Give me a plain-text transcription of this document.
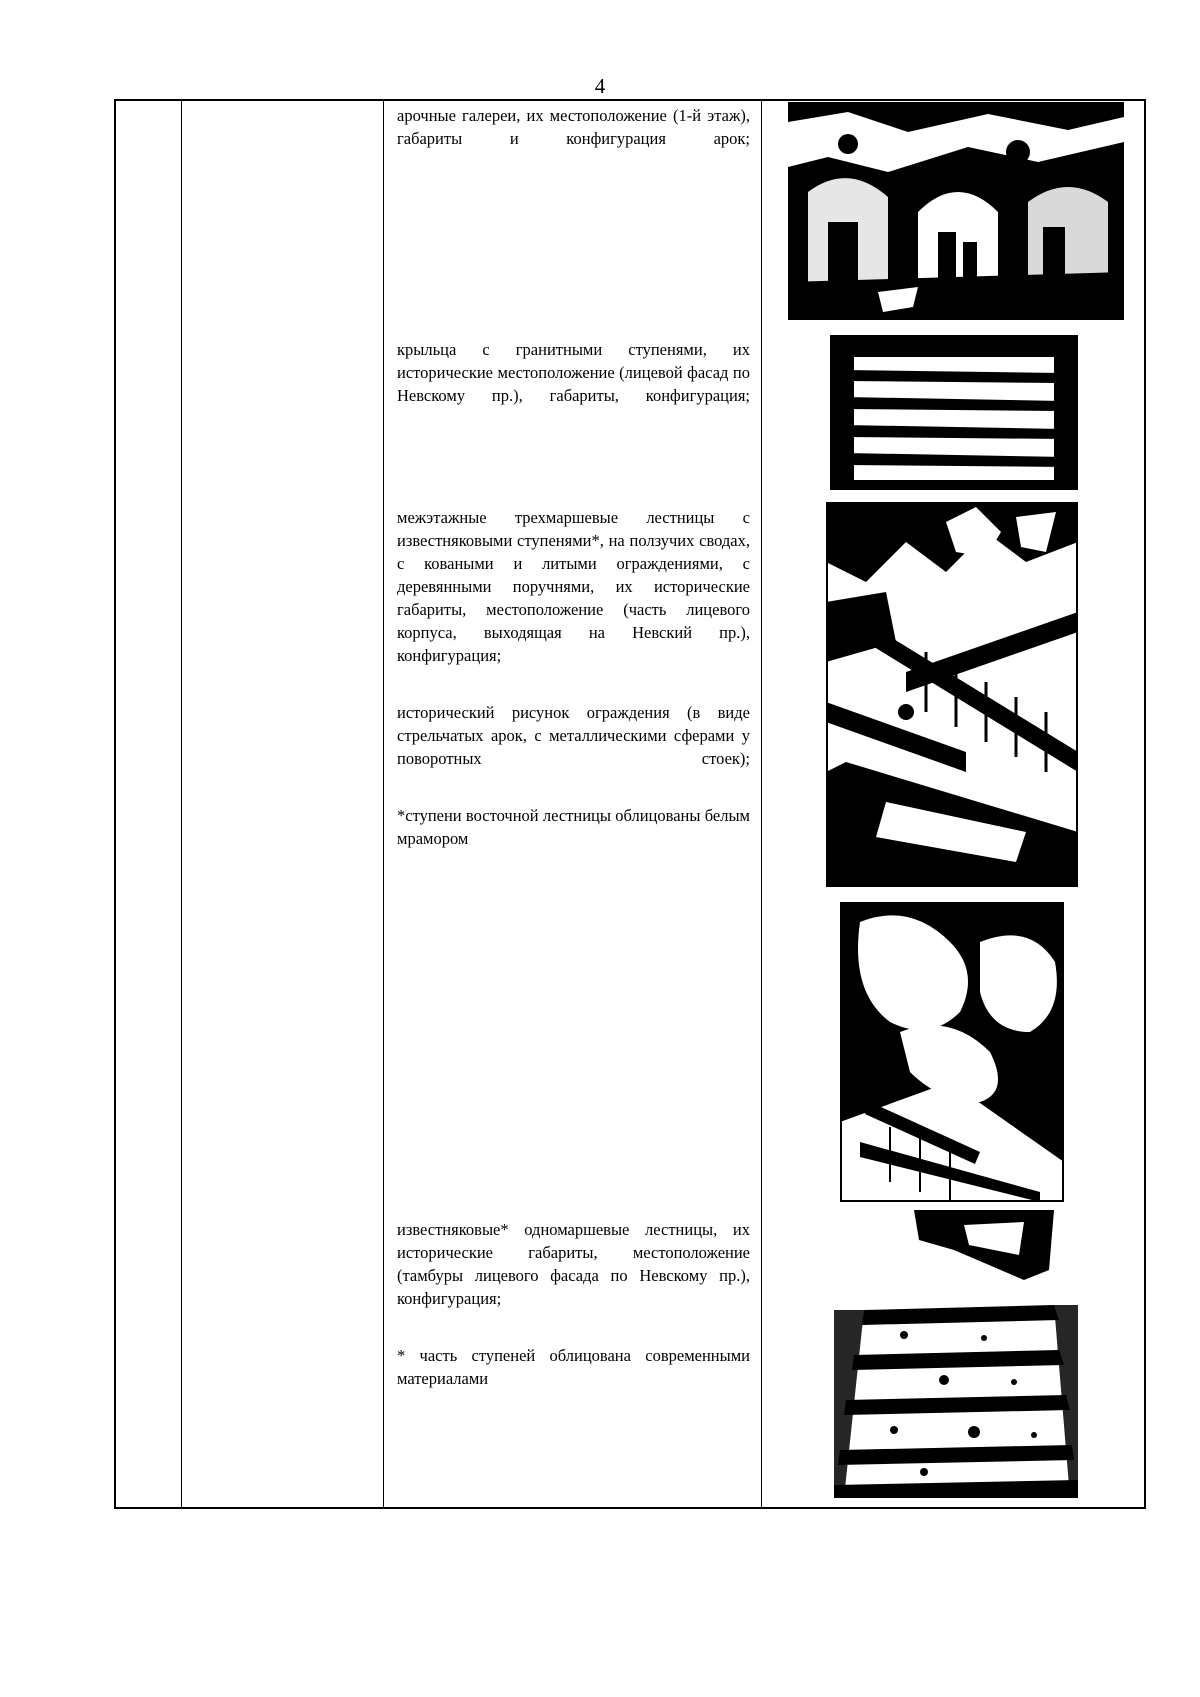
4

арочные галереи, их местоположение (1-й этаж), габариты и конфигурация арок;

крыльца с гранитными ступенями, их исторические местоположение (лицевой фасад по Невскому пр.), габариты, конфигурация;

межэтажные трехмаршевые лестницы с известняковыми ступенями*, на ползучих сводах, с коваными и литыми ограждениями, с деревянными поручнями, их исторические габариты, местоположение (часть лицевого корпуса, выходящая на Невский пр.), конфигурация;

исторический рисунок ограждения (в виде стрельчатых арок, с металлическими сферами у поворотных стоек);

*ступени восточной лестницы облицованы белым мрамором

известняковые* одномаршевые лестницы, их исторические габариты, местоположение (тамбуры лицевого фасада по Невскому пр.), конфигурация;

* часть ступеней облицована современными материалами
